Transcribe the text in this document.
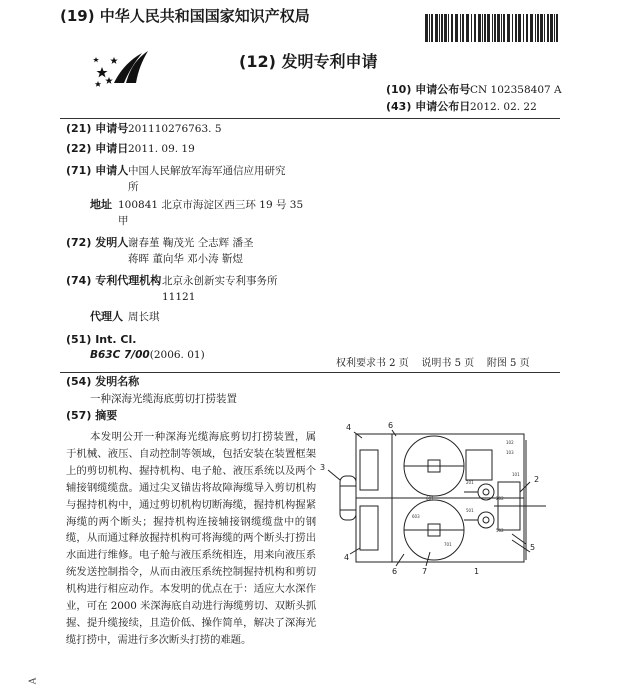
(19) 中华人民共和国国家知识产权局
(12) 发明专利申请
(10) 申请公布号 CN 102358407 A
(43) 申请公布日 2012. 02. 22
(21) 申请号 201110276763. 5
(22) 申请日 2011. 09. 19
(71) 申请人 中国人民解放军海军通信应用研究
所
地址 100841 北京市海淀区西三环 19 号 35
甲
(72) 发明人 谢春堇 鞠茂光 仝志辉 潘圣
蒋晖 董向华 邓小涛 靳煜
(74) 专利代理机构 北京永创新实专利事务所
11121
代理人 周长琪
(51) Int. Cl.
B63C 7/00(2006. 01)
权利要求书 2 页    说明书 5 页    附图 5 页
(54) 发明名称
一种深海光缆海底剪切打捞装置
(57) 摘要

本发明公开一种深海光缆海底剪切打捞装置，属于机械、液压、自动控制等领域，包括安装在装置框架上的剪切机构、握持机构、电子舱、液压系统以及两个辅接钢缆缆盘。通过尖叉锚齿将故障海缆导入剪切机构与握持机构中，通过剪切机构切断海缆，握持机构握紧海缆的两个断头；握持机构连接辅接钢缆缆盘中的钢缆，从而通过释放握持机构可将海缆的两个断头打捞出水面进行维修。电子舱与液压系统相连，用来向液压系统发送控制指令，从而由液压系统控制握持机构和剪切机构进行相应动作。本发明的优点在于：适应大水深作业，可在 2000 米深海底自动进行海缆剪切、双断头抓握、提升缆接续，且造价低、操作简单，解决了深海光缆打捞中，需进行多次断头打捞的难题。

4	6
3
2
4
5
6	7	1
102
103
101
201
202
601
501
502
603
701
A
